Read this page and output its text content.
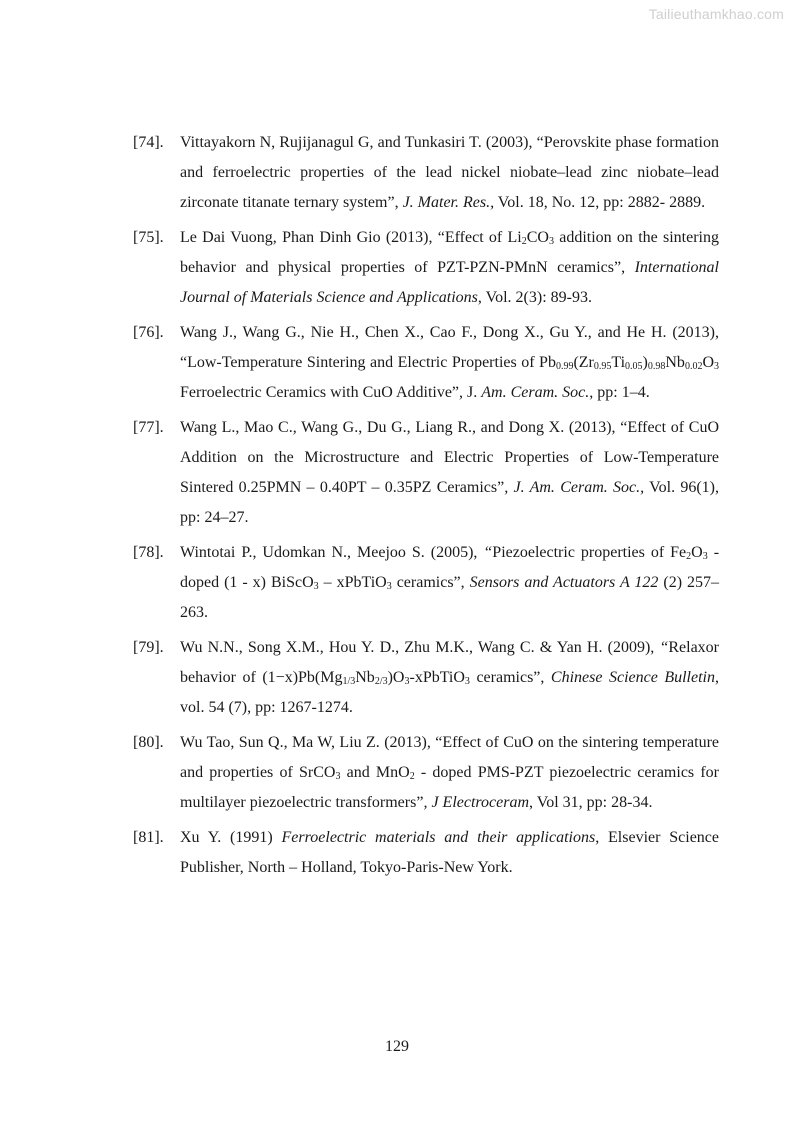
Tailieuthamkhao.com
[74].	Vittayakorn N, Rujijanagul G, and Tunkasiri T. (2003), “Perovskite phase formation and ferroelectric properties of the lead nickel niobate–lead zinc niobate–lead zirconate titanate ternary system”, J. Mater. Res., Vol. 18, No. 12, pp: 2882- 2889.
[75].	Le Dai Vuong, Phan Dinh Gio (2013), “Effect of $Li_2CO_3$ addition on the sintering behavior and physical properties of PZT-PZN-PMnN ceramics”, International Journal of Materials Science and Applications, Vol. 2(3): 89-93.
[76].	Wang J., Wang G., Nie H., Chen X., Cao F., Dong X., Gu Y., and He H. (2013), “Low-Temperature Sintering and Electric Properties of $Pb_{0.99}(Zr_{0.95}Ti_{0.05})_{0.98}Nb_{0.02}O_3$ Ferroelectric Ceramics with CuO Additive”, J. Am. Ceram. Soc., pp: 1–4.
[77].	Wang L., Mao C., Wang G., Du G., Liang R., and Dong X. (2013), “Effect of CuO Addition on the Microstructure and Electric Properties of Low-Temperature Sintered 0.25PMN – 0.40PT – 0.35PZ Ceramics”, J. Am. Ceram. Soc., Vol. 96(1), pp: 24–27.
[78].	Wintotai P., Udomkan N., Meejoo S. (2005), “Piezoelectric properties of $Fe_2O_3$ -doped (1 - x) BiScO$_3$ – xPbTiO$_3$ ceramics”, Sensors and Actuators A 122 (2) 257–263.
[79].	Wu N.N., Song X.M., Hou Y. D., Zhu M.K., Wang C. & Yan H. (2009), “Relaxor behavior of $(1-x)Pb(Mg_{1/3}Nb_{2/3})O_3-xPbTiO_3$ ceramics”, Chinese Science Bulletin, vol. 54 (7), pp: 1267-1274.
[80].	Wu Tao, Sun Q., Ma W, Liu Z. (2013), “Effect of CuO on the sintering temperature and properties of SrCO$_3$ and MnO$_2$ - doped PMS-PZT piezoelectric ceramics for multilayer piezoelectric transformers”, J Electroceram, Vol 31, pp: 28-34.
[81].	Xu Y. (1991) Ferroelectric materials and their applications, Elsevier Science Publisher, North – Holland, Tokyo-Paris-New York.
129
